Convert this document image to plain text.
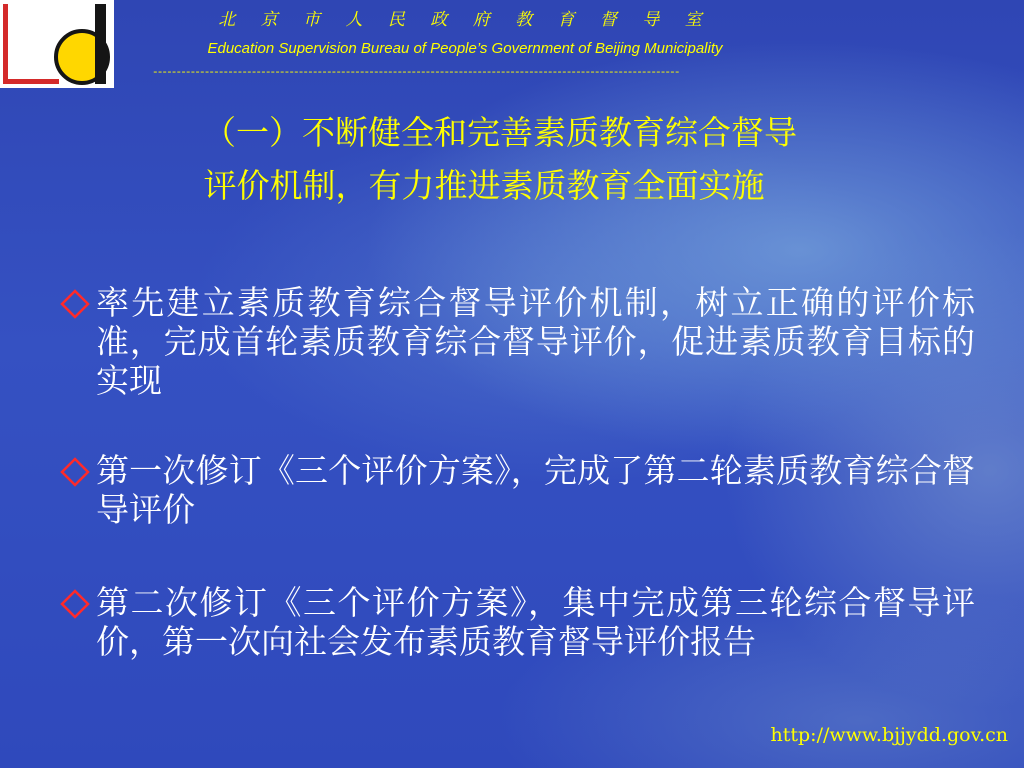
北 京 市 人 民 政 府 教 育 督 导 室
Education Supervision Bureau of People’s Government of Beijing Municipality
----------------------------------------------------------------------------------------------------------------
（一）不断健全和完善素质教育综合督导
评价机制，有力推进素质教育全面实施
率先建立素质教育综合督导评价机制，树立正确的评价标准，完成首轮素质教育综合督导评价，促进素质教育目标的实现
第一次修订《三个评价方案》，完成了第二轮素质教育综合督导评价
第二次修订《三个评价方案》，集中完成第三轮综合督导评价，第一次向社会发布素质教育督导评价报告
http://www.bjjydd.gov.cn
